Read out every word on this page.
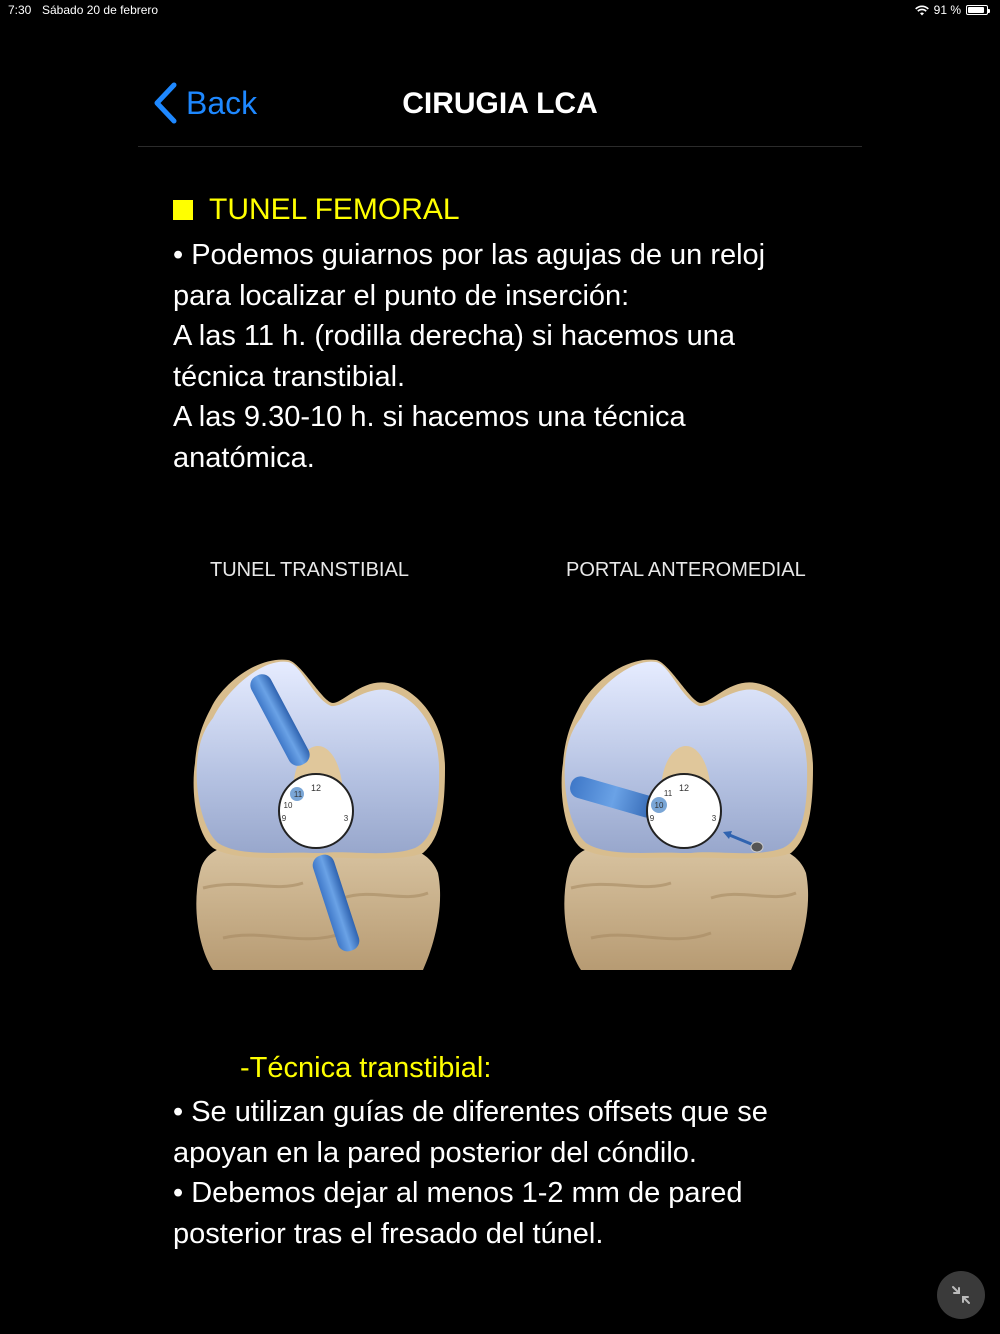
7:30 Sábado 20 de febrero	91 %
Back	CIRUGIA LCA
TUNEL FEMORAL

• Podemos guiarnos por las agujas de un reloj
para localizar el punto de inserción:
A las 11 h. (rodilla derecha) si hacemos una
técnica transtibial.
A las 9.30-10 h. si hacemos una técnica
anatómica.

TUNEL TRANSTIBIAL	PORTAL ANTEROMEDIAL
12
11
10
9	3
12
11
10
9	3
-Técnica transtibial:

• Se utilizan guías de diferentes offsets que se
apoyan en la pared posterior del cóndilo.
• Debemos dejar al menos 1-2 mm de pared
posterior tras el fresado del túnel.
